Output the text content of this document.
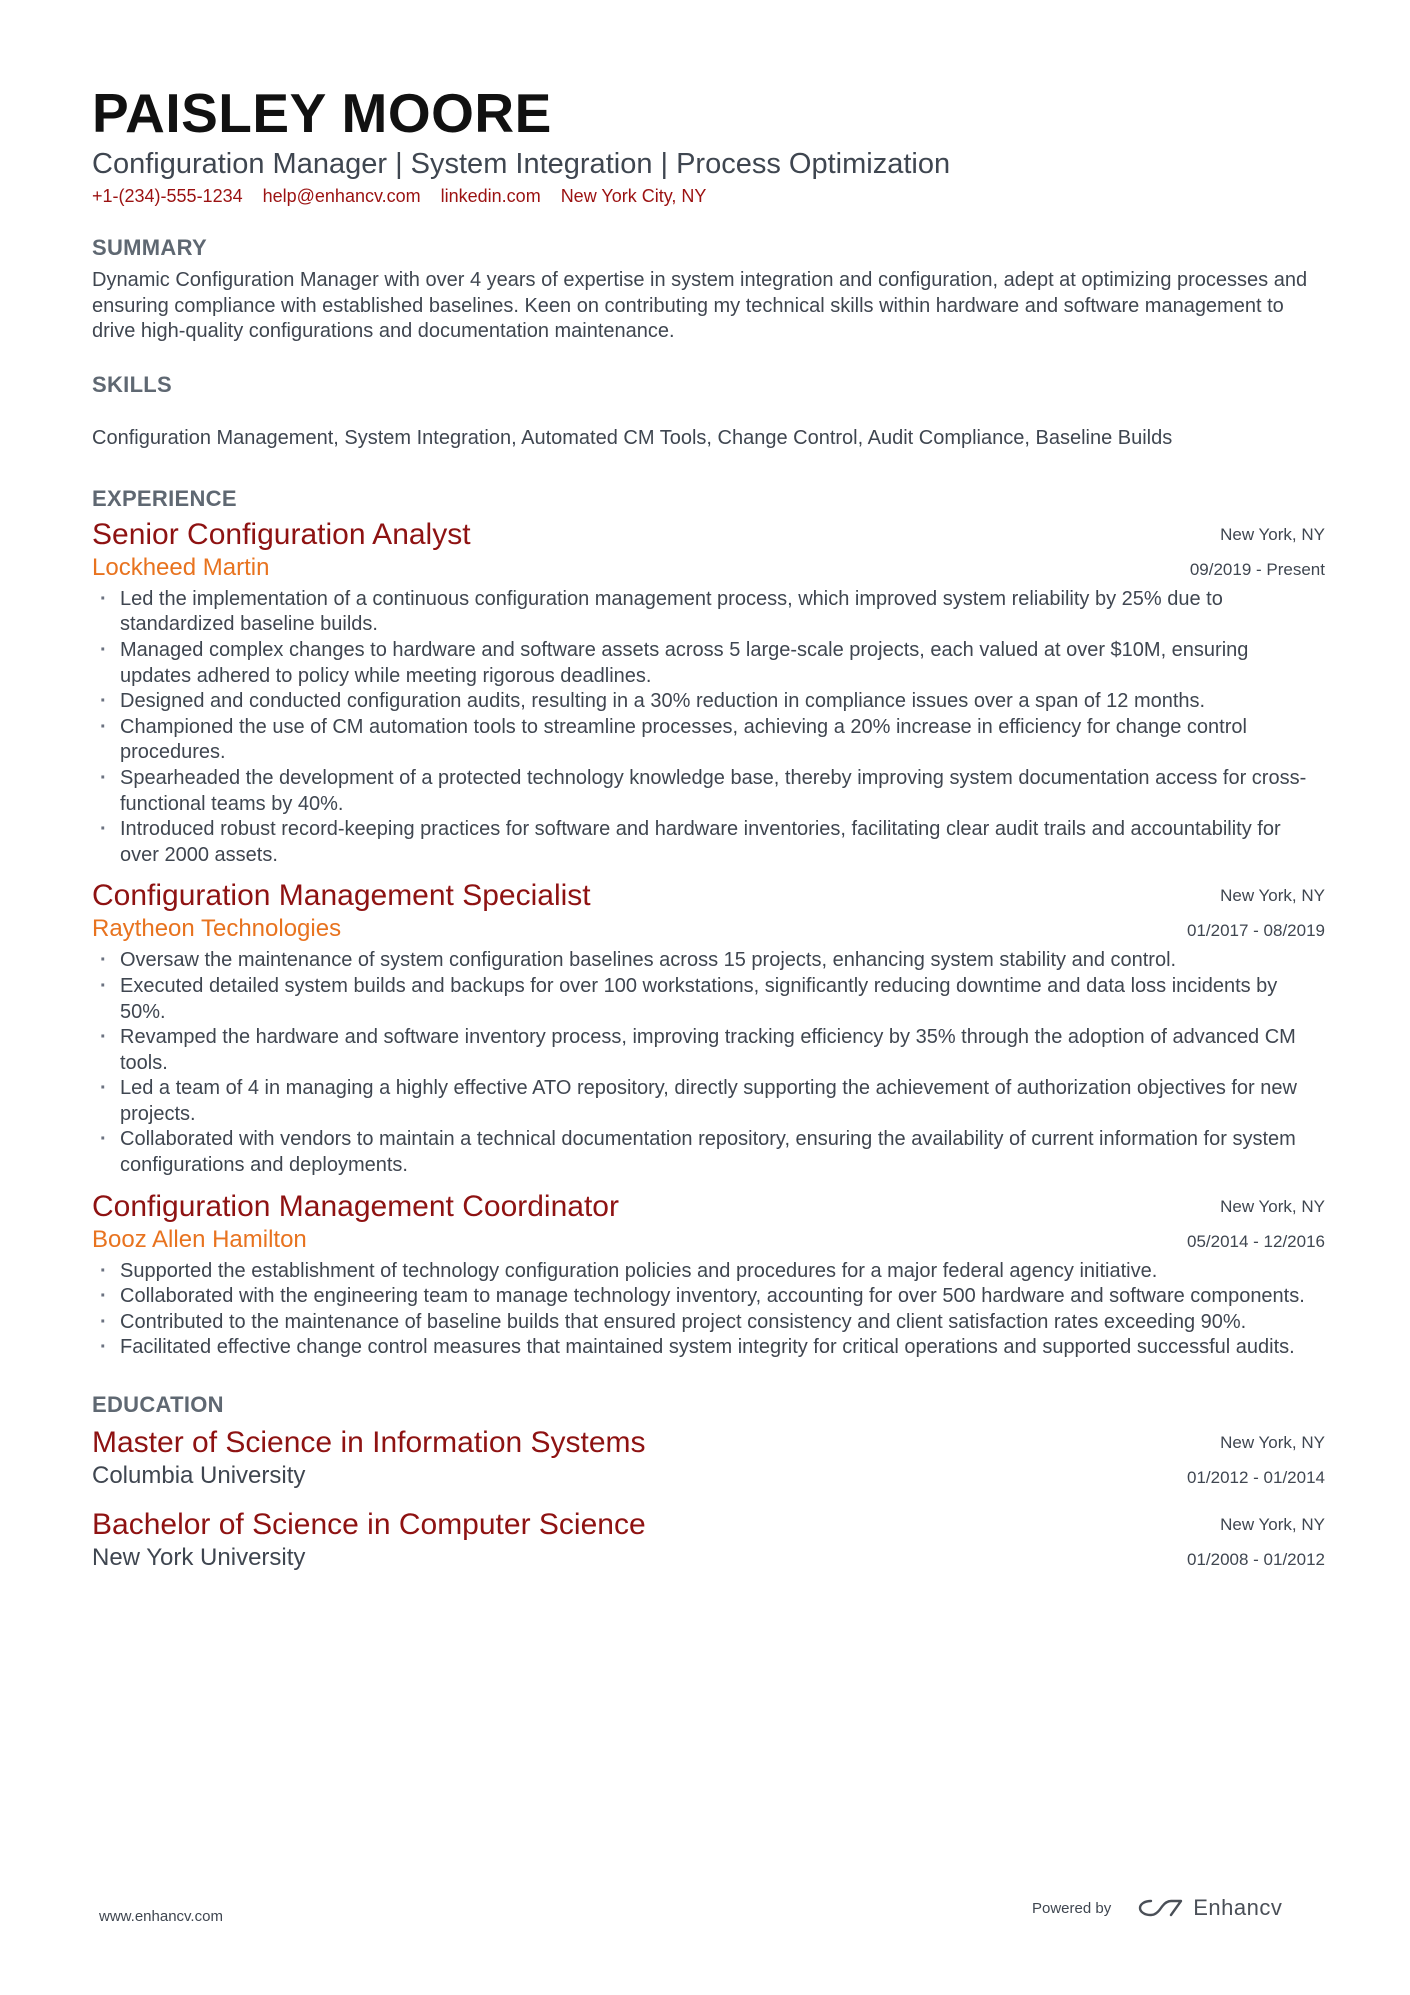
PAISLEY MOORE
Configuration Manager | System Integration | Process Optimization
+1-(234)-555-1234 help@enhancv.com linkedin.com New York City, NY
SUMMARY
Dynamic Configuration Manager with over 4 years of expertise in system integration and configuration, adept at optimizing processes and ensuring compliance with established baselines. Keen on contributing my technical skills within hardware and software management to drive high-quality configurations and documentation maintenance.
SKILLS
Configuration Management, System Integration, Automated CM Tools, Change Control, Audit Compliance, Baseline Builds
EXPERIENCE
Senior Configuration Analyst
Lockheed Martin
New York, NY
09/2019 - Present
· Led the implementation of a continuous configuration management process, which improved system reliability by 25% due to standardized baseline builds.
· Managed complex changes to hardware and software assets across 5 large-scale projects, each valued at over $10M, ensuring updates adhered to policy while meeting rigorous deadlines.
· Designed and conducted configuration audits, resulting in a 30% reduction in compliance issues over a span of 12 months.
· Championed the use of CM automation tools to streamline processes, achieving a 20% increase in efficiency for change control procedures.
· Spearheaded the development of a protected technology knowledge base, thereby improving system documentation access for cross-functional teams by 40%.
· Introduced robust record-keeping practices for software and hardware inventories, facilitating clear audit trails and accountability for over 2000 assets.
Configuration Management Specialist
Raytheon Technologies
New York, NY
01/2017 - 08/2019
· Oversaw the maintenance of system configuration baselines across 15 projects, enhancing system stability and control.
· Executed detailed system builds and backups for over 100 workstations, significantly reducing downtime and data loss incidents by 50%.
· Revamped the hardware and software inventory process, improving tracking efficiency by 35% through the adoption of advanced CM tools.
· Led a team of 4 in managing a highly effective ATO repository, directly supporting the achievement of authorization objectives for new projects.
· Collaborated with vendors to maintain a technical documentation repository, ensuring the availability of current information for system configurations and deployments.
Configuration Management Coordinator
Booz Allen Hamilton
New York, NY
05/2014 - 12/2016
· Supported the establishment of technology configuration policies and procedures for a major federal agency initiative.
· Collaborated with the engineering team to manage technology inventory, accounting for over 500 hardware and software components.
· Contributed to the maintenance of baseline builds that ensured project consistency and client satisfaction rates exceeding 90%.
· Facilitated effective change control measures that maintained system integrity for critical operations and supported successful audits.
EDUCATION
Master of Science in Information Systems
Columbia University
New York, NY
01/2012 - 01/2014
Bachelor of Science in Computer Science
New York University
New York, NY
01/2008 - 01/2012
www.enhancv.com	Powered by	Enhancv
